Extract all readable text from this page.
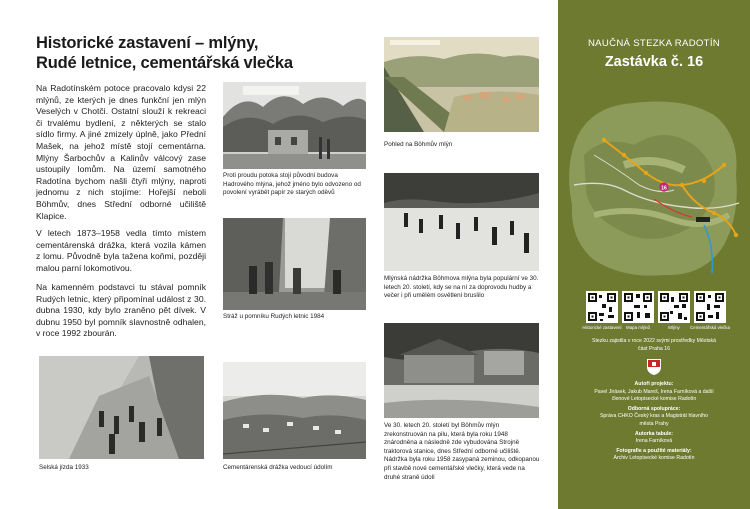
Historické zastavení – mlýny,
Rudé letnice, cementářská vlečka
Na Radotínském potoce pracovalo kdysi 22 mlýnů, ze kterých je dnes funkční jen mlýn Veselých v Chotči. Ostatní slouží k rekreaci či trvalému bydlení, z některých se stalo sídlo firmy. A jiné zmizely úplně, jako Přední Mašek, na jehož místě stojí cementárna. Mlýny Šarbochův a Kalinův válcový zase ustoupily lomům. Na území samotného Radotína bychom našli čtyři mlýny, naproti jednomu z nich stojíme: Hořejší neboli Böhmův, dnes Střední odborné učiliště Klapice.
V letech 1873–1958 vedla tímto místem cementárenská drážka, která vozila kámen z lomu. Původně byla tažena koňmi, později malou parní lokomotivou.
Na kamenném podstavci tu stával pomník Rudých letnic, který připomínal událost z 30. dubna 1930, kdy bylo zraněno pět dívek. V dubnu 1950 byl pomník slavnostně odhalen, v roce 1992 zbourán.
Proti proudu potoka stojí původní budova Hadrového mlýna, jehož jméno bylo odvozeno od povolení vyrábět papír ze starých oděvů
Stráž u pomníku Rudých letnic 1984
Selská jízda 1933	Cementárenská drážka vedoucí údolím
Pohled na Böhmův mlýn
Mlýnská nádržka Böhmova mlýna byla populární ve 30. letech 20. století, kdy se na ní za doprovodu hudby a večer i při umělém osvětlení bruslilo
Ve 30. letech 20. století byl Böhmův mlýn zrekonstruován na pilu, která byla roku 1948 znárodněna a následně zde vybudována Strojně traktorová stanice, dnes Střední odborné učiliště. Nádržka byla roku 1958 zasypaná zeminou, odkopanou při stavbě nové cementářské vlečky, která vede na druhé straně údolí
NAUČNÁ STEZKA RADOTÍN
Zastávka č. 16
16
Historické zastavení Mapa mlýnů	Mlýny	Cementářská vlečka
Stezku zajistila v roce 2022 svými prostředky Městská část Praha 16
Autoři projektu:
Pavel Jirásek, Jakub Mareš, Irena Farníková a další členové Letopisecké komise Radotín
Odborná spolupráce:
Správa CHKO Český kras a Magistrát hlavního města Prahy
Autorka tabule:
Irena Farníková
Fotografie a použité materiály:
Archiv Letopisecké komise Radotín
